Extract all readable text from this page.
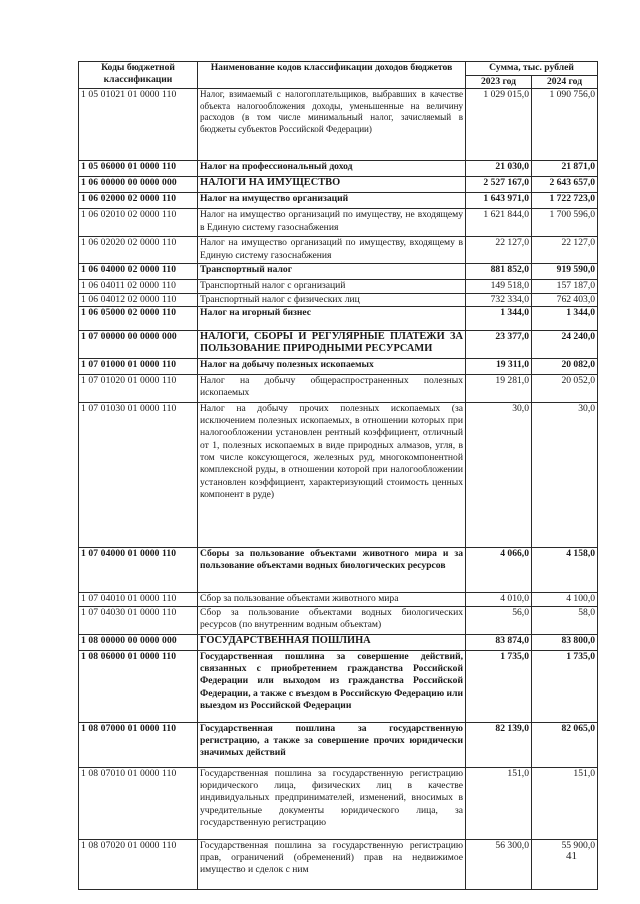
Коды бюджетной классификации	Наименование кодов классификации доходов бюджетов	Сумма, тыс. рублей	
		2023 год	2024 год
1 05 01021 01 0000 110	Налог, взимаемый с налогоплательщиков, выбравших в качестве объекта налогообложения доходы, уменьшенные на величину расходов (в том числе минимальный налог, зачисляемый в бюджеты субъектов Российской Федерации)	1 029 015,0	1 090 756,0
1 05 06000 01 0000 110	Налог на профессиональный доход	21 030,0	21 871,0
1 06 00000 00 0000 000	НАЛОГИ НА ИМУЩЕСТВО	2 527 167,0	2 643 657,0
1 06 02000 02 0000 110	Налог на имущество организаций	1 643 971,0	1 722 723,0
1 06 02010 02 0000 110	Налог на имущество организаций по имуществу, не входящему в Единую систему газоснабжения	1 621 844,0	1 700 596,0
1 06 02020 02 0000 110	Налог на имущество организаций по имуществу, входящему в Единую систему газоснабжения	22 127,0	22 127,0
1 06 04000 02 0000 110	Транспортный налог	881 852,0	919 590,0
1 06 04011 02 0000 110	Транспортный налог с организаций	149 518,0	157 187,0
1 06 04012 02 0000 110	Транспортный налог с физических лиц	732 334,0	762 403,0
1 06 05000 02 0000 110	Налог на игорный бизнес	1 344,0	1 344,0
1 07 00000 00 0000 000	НАЛОГИ, СБОРЫ И РЕГУЛЯРНЫЕ ПЛАТЕЖИ ЗА ПОЛЬЗОВАНИЕ ПРИРОДНЫМИ РЕСУРСАМИ	23 377,0	24 240,0
1 07 01000 01 0000 110	Налог на добычу полезных ископаемых	19 311,0	20 082,0
1 07 01020 01 0000 110	Налог на добычу общераспространенных полезных ископаемых	19 281,0	20 052,0
1 07 01030 01 0000 110	Налог на добычу прочих полезных ископаемых (за исключением полезных ископаемых, в отношении которых при налогообложении установлен рентный коэффициент, отличный от 1, полезных ископаемых в виде природных алмазов, угля, в том числе коксующегося, железных руд, многокомпонентной комплексной руды, в отношении которой при налогообложении установлен коэффициент, характеризующий стоимость ценных компонент в руде)	30,0	30,0
1 07 04000 01 0000 110	Сборы за пользование объектами животного мира и за пользование объектами водных биологических ресурсов	4 066,0	4 158,0
1 07 04010 01 0000 110	Сбор за пользование объектами животного мира	4 010,0	4 100,0
1 07 04030 01 0000 110	Сбор за пользование объектами водных биологических ресурсов (по внутренним водным объектам)	56,0	58,0
1 08 00000 00 0000 000	ГОСУДАРСТВЕННАЯ ПОШЛИНА	83 874,0	83 800,0
1 08 06000 01 0000 110	Государственная пошлина за совершение действий, связанных с приобретением гражданства Российской Федерации или выходом из гражданства Российской Федерации, а также с въездом в Российскую Федерацию или выездом из Российской Федерации	1 735,0	1 735,0
1 08 07000 01 0000 110	Государственная пошлина за государственную регистрацию, а также за совершение прочих юридически значимых действий	82 139,0	82 065,0
1 08 07010 01 0000 110	Государственная пошлина за государственную регистрацию юридического лица, физических лиц в качестве индивидуальных предпринимателей, изменений, вносимых в учредительные документы юридического лица, за государственную регистрацию	151,0	151,0
1 08 07020 01 0000 110	Государственная пошлина за государственную регистрацию прав, ограничений (обременений) прав на недвижимое имущество и сделок с ним	56 300,0	55 900,0
41
